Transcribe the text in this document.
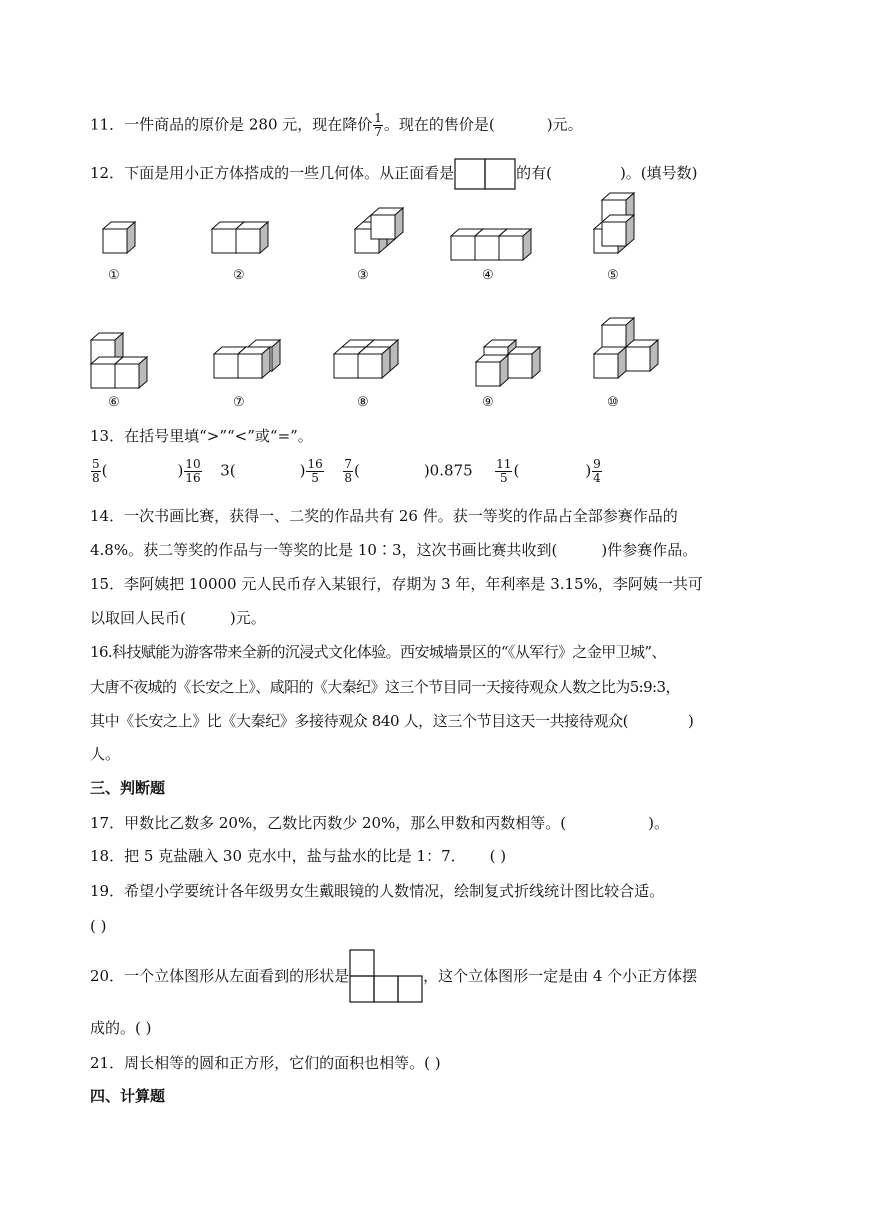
11．一件商品的原价是 280 元，现在降价 $\frac{1}{7}$ 。现在的售价是(	)元。
12．下面是用小正方体搭成的一些几何体。从正面看是	的有(	)。(填号数)
①	②	③	④	⑤
⑥	⑦	⑧	⑨	⑩
13．在括号里填“>”“<”或“=”。
$\frac{5}{8}$ (	) $\frac{10}{16} 3$(	) $\frac{16}{5}$
$\frac{7}{8}$ (	)$0.875 \frac{11}{5}$ (	) $\frac{9}{4}$
14．一次书画比赛，获得一、二奖的作品共有 26 件。获一等奖的作品占全部参赛作品的
4.8%。获二等奖的作品与一等奖的比是 10∶3，这次书画比赛共收到(	)件参赛作品。
15．李阿姨把 10000 元人民币存入某银行，存期为 3 年，年利率是 3.15%，李阿姨一共可
以取回人民币(	)元。
16.科技赋能为游客带来全新的沉浸式文化体验。西安城墙景区的“《从军行》之金甲卫城”、
大唐不夜城的《长安之上》、咸阳的《大秦纪》这三个节目同一天接待观众人数之比为5:9:3，
其中《长安之上》比《大秦纪》多接待观众 840 人，这三个节目这天一共接待观众(	)
人。
三、判断题
17．甲数比乙数多 20%，乙数比丙数少 20%，那么甲数和丙数相等。(	)。
18．把 5 克盐融入 30 克水中，盐与盐水的比是 1：7． ( )
19．希望小学要统计各年级男女生戴眼镜的人数情况，绘制复式折线统计图比较合适。
( )
20．一个立体图形从左面看到的形状是	，这个立体图形一定是由 4 个小正方体摆
成的。( )
21．周长相等的圆和正方形，它们的面积也相等。( )
四、计算题
